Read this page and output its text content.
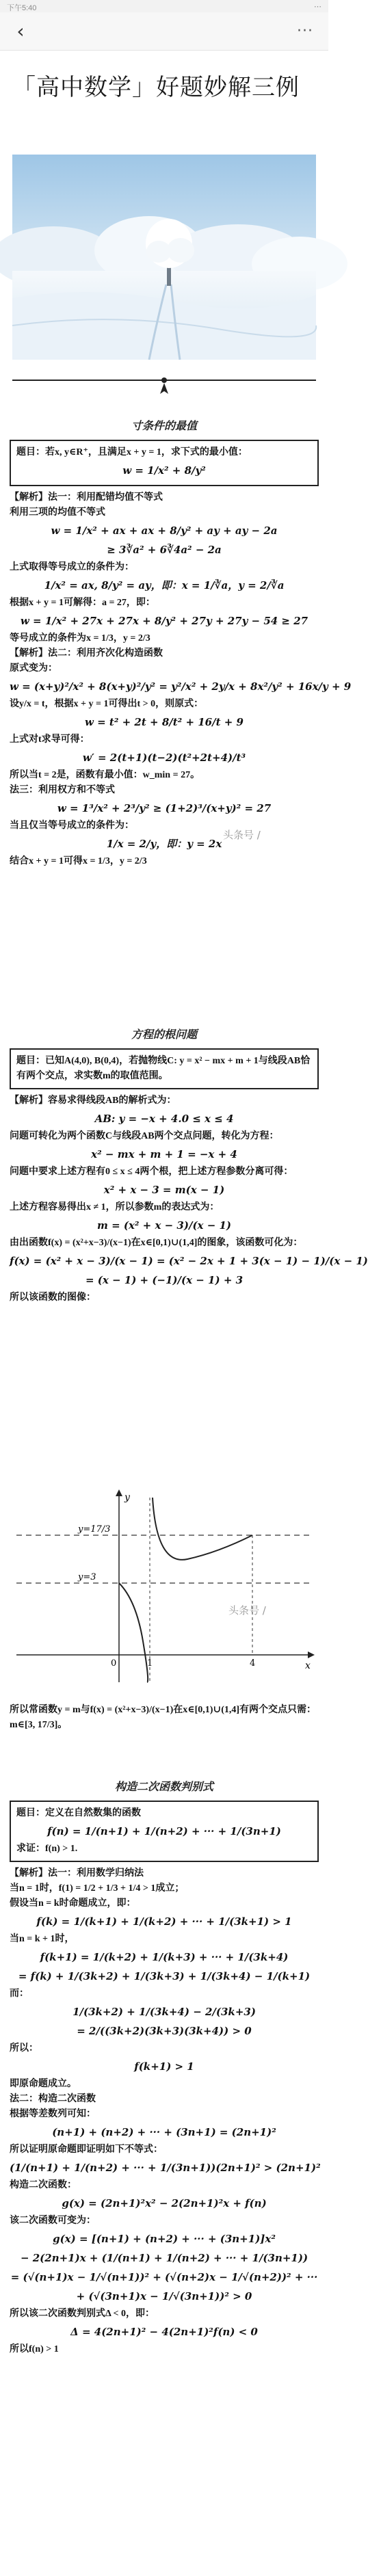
下午5:40	⋯
‹	···
「高中数学」好题妙解三例
寸条件的最值
题目：若x, y∈R⁺，且满足x + y = 1，求下式的最小值：
w = 1/x² + 8/y²
【解析】法一：利用配错均值不等式
利用三项的均值不等式
w = 1/x² + ax + ax + 8/y² + ay + ay − 2a
≥ 3∛a² + 6∛4a² − 2a
上式取得等号成立的条件为：
1/x² = ax, 8/y² = ay，即：x = 1/∛a，y = 2/∛a
根据x + y = 1可解得：a = 27，即：
w = 1/x² + 27x + 27x + 8/y² + 27y + 27y − 54 ≥ 27
等号成立的条件为x = 1/3，y = 2/3
【解析】法二：利用齐次化构造函数
原式变为：
w = (x+y)²/x² + 8(x+y)²/y² = y²/x² + 2y/x + 8x²/y² + 16x/y + 9
设y/x = t，根据x + y = 1可得出t > 0，则原式：
w = t² + 2t + 8/t² + 16/t + 9
上式对t求导可得：
w′ = 2(t+1)(t−2)(t²+2t+4)/t³
所以当t = 2是，函数有最小值：w_min = 27。
法三：利用权方和不等式
w = 1³/x² + 2³/y² ≥ (1+2)³/(x+y)² = 27
当且仅当等号成立的条件为：
1/x = 2/y，即：y = 2x
结合x + y = 1可得x = 1/3，y = 2/3
头条号 /
方程的根问题
题目：已知A(4,0), B(0,4)，若抛物线C: y = x² − mx + m + 1与线段AB恰有两个交点，求实数m的取值范围。
【解析】容易求得线段AB的解析式为：
AB: y = −x + 4.0 ≤ x ≤ 4
问题可转化为两个函数C与线段AB两个交点问题，转化为方程：
x² − mx + m + 1 = −x + 4
问题中要求上述方程有0 ≤ x ≤ 4两个根，把上述方程参数分离可得：
x² + x − 3 = m(x − 1)
上述方程容易得出x ≠ 1，所以参数m的表达式为：
m = (x² + x − 3)/(x − 1)
由出函数f(x) = (x²+x−3)/(x−1)在x∈[0,1)∪(1,4]的图象，该函数可化为：
f(x) = (x² + x − 3)/(x − 1) = (x² − 2x + 1 + 3(x − 1) − 1)/(x − 1)
= (x − 1) + (−1)/(x − 1) + 3
所以该函数的图像：
y
x
0
y=17/3
y=3
1	4
头条号 /
所以常函数y = m与f(x) = (x²+x−3)/(x−1)在x∈[0,1)∪(1,4]有两个交点只需：m∈[3, 17/3]。
构造二次函数判别式
题目：定义在自然数集的函数
f(n) = 1/(n+1) + 1/(n+2) + ··· + 1/(3n+1)
求证：f(n) > 1.
【解析】法一：利用数学归纳法
当n = 1时，f(1) = 1/2 + 1/3 + 1/4 > 1成立；
假设当n = k时命题成立，即：
f(k) = 1/(k+1) + 1/(k+2) + ··· + 1/(3k+1) > 1
当n = k + 1时，
f(k+1) = 1/(k+2) + 1/(k+3) + ··· + 1/(3k+4)
= f(k) + 1/(3k+2) + 1/(3k+3) + 1/(3k+4) − 1/(k+1)
而：
1/(3k+2) + 1/(3k+4) − 2/(3k+3)
= 2/((3k+2)(3k+3)(3k+4)) > 0
所以：
f(k+1) > 1
即原命题成立。
法二：构造二次函数
根据等差数列可知：
(n+1) + (n+2) + ··· + (3n+1) = (2n+1)²
所以证明原命题即证明如下不等式：
(1/(n+1) + 1/(n+2) + ··· + 1/(3n+1))(2n+1)² > (2n+1)²
构造二次函数：
g(x) = (2n+1)²x² − 2(2n+1)²x + f(n)
该二次函数可变为：
g(x) = [(n+1) + (n+2) + ··· + (3n+1)]x²
− 2(2n+1)x + (1/(n+1) + 1/(n+2) + ··· + 1/(3n+1))
= (√(n+1)x − 1/√(n+1))² + (√(n+2)x − 1/√(n+2))² + ···
+ (√(3n+1)x − 1/√(3n+1))² > 0
所以该二次函数判别式Δ < 0，即：
Δ = 4(2n+1)² − 4(2n+1)²f(n) < 0
所以f(n) > 1
